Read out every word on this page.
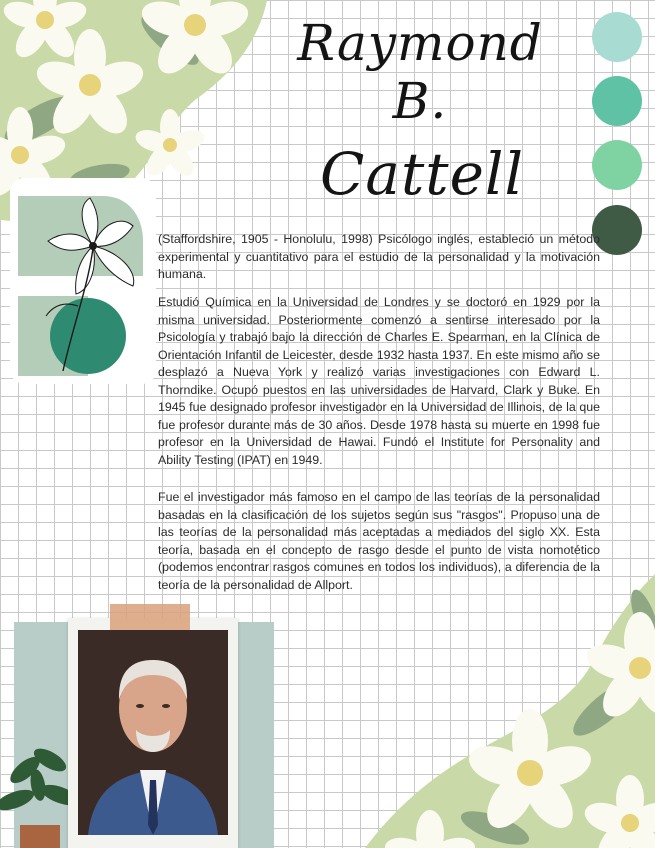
Raymond B.
Cattell

(Staffordshire, 1905 - Honolulu, 1998) Psicólogo inglés, estableció un método experimental y cuantitativo para el estudio de la personalidad y la motivación humana.

Estudió Química en la Universidad de Londres y se doctoró en 1929 por la misma universidad. Posteriormente comenzó a sentirse interesado por la Psicología y trabajó bajo la dirección de Charles E. Spearman, en la Clínica de Orientación Infantil de Leicester, desde 1932 hasta 1937. En este mismo año se desplazó a Nueva York y realizó varias investigaciones con Edward L. Thorndike. Ocupó puestos en las universidades de Harvard, Clark y Buke. En 1945 fue designado profesor investigador en la Universidad de Illinois, de la que fue profesor durante más de 30 años. Desde 1978 hasta su muerte en 1998 fue profesor en la Universidad de Hawai. Fundó el Institute for Personality and Ability Testing (IPAT) en 1949.

Fue el investigador más famoso en el campo de las teorías de la personalidad basadas en la clasificación de los sujetos según sus "rasgos". Propuso una de las teorías de la personalidad más aceptadas a mediados del siglo XX. Esta teoría, basada en el concepto de rasgo desde el punto de vista nomotético (podemos encontrar rasgos comunes en todos los individuos), a diferencia de la teoría de la personalidad de Allport.
